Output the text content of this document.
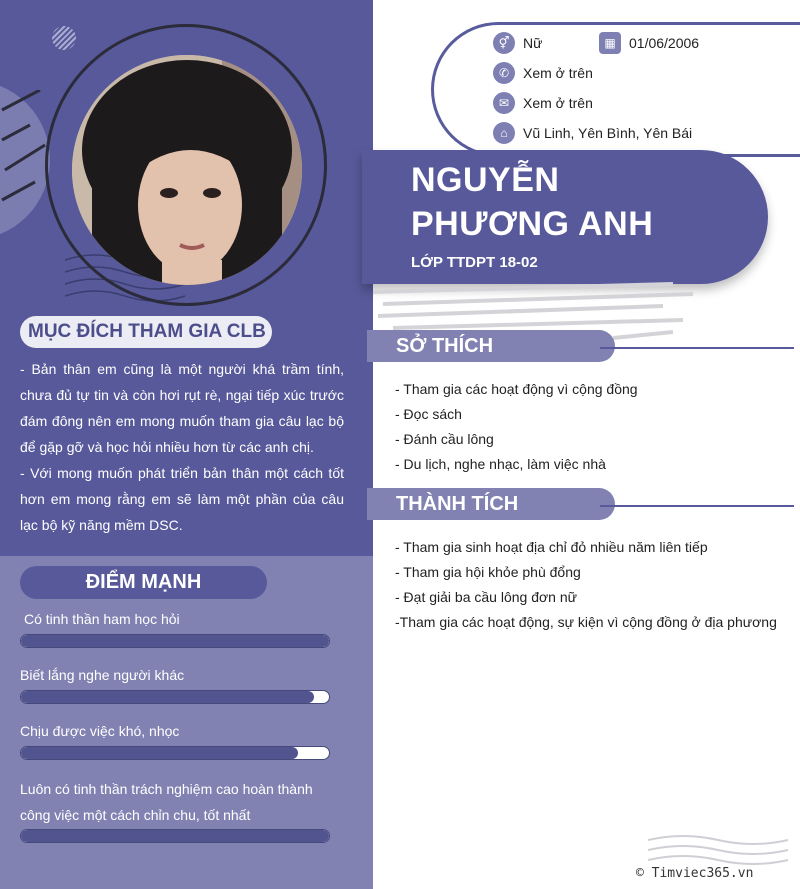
MỤC ĐÍCH THAM GIA CLB

- Bản thân em cũng là một người khá trầm tính, chưa đủ tự tin và còn hơi rụt rè, ngại tiếp xúc trước đám đông nên em mong muốn tham gia câu lạc bộ để gặp gỡ và học hỏi nhiều hơn từ các anh chị.

- Với mong muốn phát triển bản thân một cách tốt hơn em mong rằng em sẽ làm một phần của câu lạc bộ kỹ năng mềm DSC.

ĐIỂM MẠNH
Có tinh thần ham học hỏi
Biết lắng nghe người khác
Chịu được việc khó, nhọc
Luôn có tinh thần trách nghiệm cao hoàn thành công việc một cách chỉn chu, tốt nhất
⚥ Nữ	▦ 01/06/2006
✆ Xem ở trên
✉ Xem ở trên
⌂	Vũ Linh, Yên Bình, Yên Bái
NGUYỄN
PHƯƠNG ANH
LỚP TTDPT 18-02
SỞ THÍCH
- Tham gia các hoạt động vì cộng đồng
- Đọc sách
- Đánh cầu lông
- Du lịch, nghe nhạc, làm việc nhà
THÀNH TÍCH
- Tham gia sinh hoạt địa chỉ đỏ nhiều năm liên tiếp
- Tham gia hội khỏe phù đổng
- Đạt giải ba cầu lông đơn nữ
-Tham gia các hoạt động, sự kiện vì cộng đồng ở địa phương
© Timviec365.vn
